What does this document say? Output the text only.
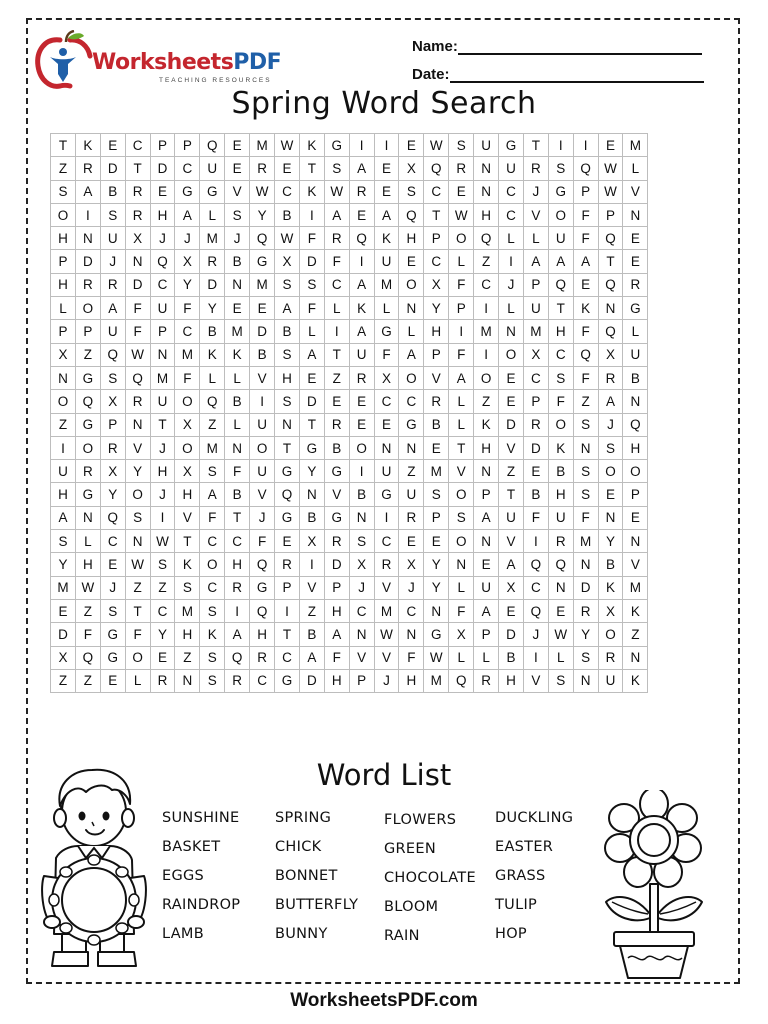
WorksheetsPDF
TEACHING RESOURCES
Name:
Date:
Spring Word Search
T	K	E	C	P	P	Q	E	M	W	K	G	I	I	E	W	S	U	G	T	I	I	E	M
Z	R	D	T	D	C	U	E	R	E	T	S	A	E	X	Q	R	N	U	R	S	Q	W	L
S	A	B	R	E	G	G	V	W	C	K	W	R	E	S	C	E	N	C	J	G	P	W	V
O	I	S	R	H	A	L	S	Y	B	I	A	E	A	Q	T	W	H	C	V	O	F	P	N
H	N	U	X	J	J	M	J	Q	W	F	R	Q	K	H	P	O	Q	L	L	U	F	Q	E
P	D	J	N	Q	X	R	B	G	X	D	F	I	U	E	C	L	Z	I	A	A	A	T	E
H	R	R	D	C	Y	D	N	M	S	S	C	A	M	O	X	F	C	J	P	Q	E	Q	R
L	O	A	F	U	F	Y	E	E	A	F	L	K	L	N	Y	P	I	L	U	T	K	N	G
P	P	U	F	P	C	B	M	D	B	L	I	A	G	L	H	I	M	N	M	H	F	Q	L
X	Z	Q	W	N	M	K	K	B	S	A	T	U	F	A	P	F	I	O	X	C	Q	X	U
N	G	S	Q	M	F	L	L	V	H	E	Z	R	X	O	V	A	O	E	C	S	F	R	B
O	Q	X	R	U	O	Q	B	I	S	D	E	E	C	C	R	L	Z	E	P	F	Z	A	N
Z	G	P	N	T	X	Z	L	U	N	T	R	E	E	G	B	L	K	D	R	O	S	J	Q
I	O	R	V	J	O	M	N	O	T	G	B	O	N	N	E	T	H	V	D	K	N	S	H
U	R	X	Y	H	X	S	F	U	G	Y	G	I	U	Z	M	V	N	Z	E	B	S	O	O
H	G	Y	O	J	H	A	B	V	Q	N	V	B	G	U	S	O	P	T	B	H	S	E	P
A	N	Q	S	I	V	F	T	J	G	B	G	N	I	R	P	S	A	U	F	U	F	N	E
S	L	C	N	W	T	C	C	F	E	X	R	S	C	E	E	O	N	V	I	R	M	Y	N
Y	H	E	W	S	K	O	H	Q	R	I	D	X	R	X	Y	N	E	A	Q	Q	N	B	V
M	W	J	Z	Z	S	C	R	G	P	V	P	J	V	J	Y	L	U	X	C	N	D	K	M
E	Z	S	T	C	M	S	I	Q	I	Z	H	C	M	C	N	F	A	E	Q	E	R	X	K
D	F	G	F	Y	H	K	A	H	T	B	A	N	W	N	G	X	P	D	J	W	Y	O	Z
X	Q	G	O	E	Z	S	Q	R	C	A	F	V	V	F	W	L	L	B	I	L	S	R	N
Z	Z	E	L	R	N	S	R	C	G	D	H	P	J	H	M	Q	R	H	V	S	N	U	K
Word List
SUNSHINE
BASKET
EGGS
RAINDROP
LAMB
SPRING
CHICK
BONNET
BUTTERFLY
BUNNY
FLOWERS
GREEN
CHOCOLATE
BLOOM
RAIN
DUCKLING
EASTER
GRASS
TULIP
HOP
WorksheetsPDF.com
